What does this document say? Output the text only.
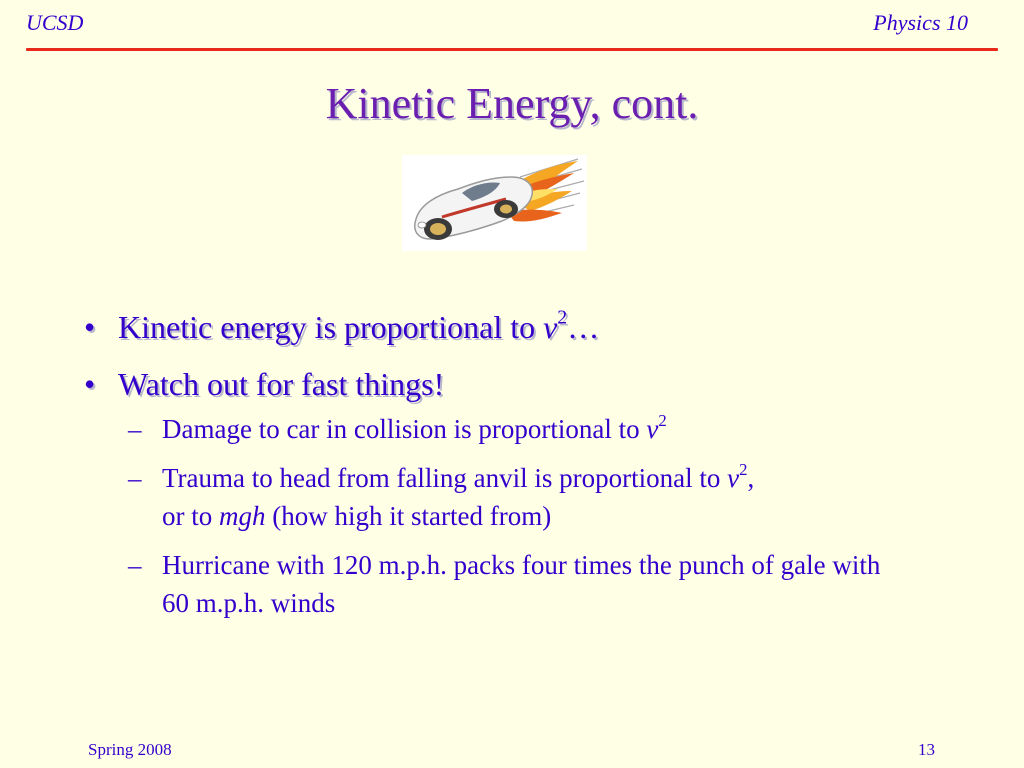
UCSD	Physics 10
Kinetic Energy, cont.
• Kinetic energy is proportional to $v^2\dots$
• Watch out for fast things!
– Damage to car in collision is proportional to $v^2$
– Trauma to head from falling anvil is proportional to $v^2$,
or to mgh (how high it started from)
– Hurricane with 120 m.p.h. packs four times the punch of gale with 60 m.p.h. winds
Spring 2008	13
